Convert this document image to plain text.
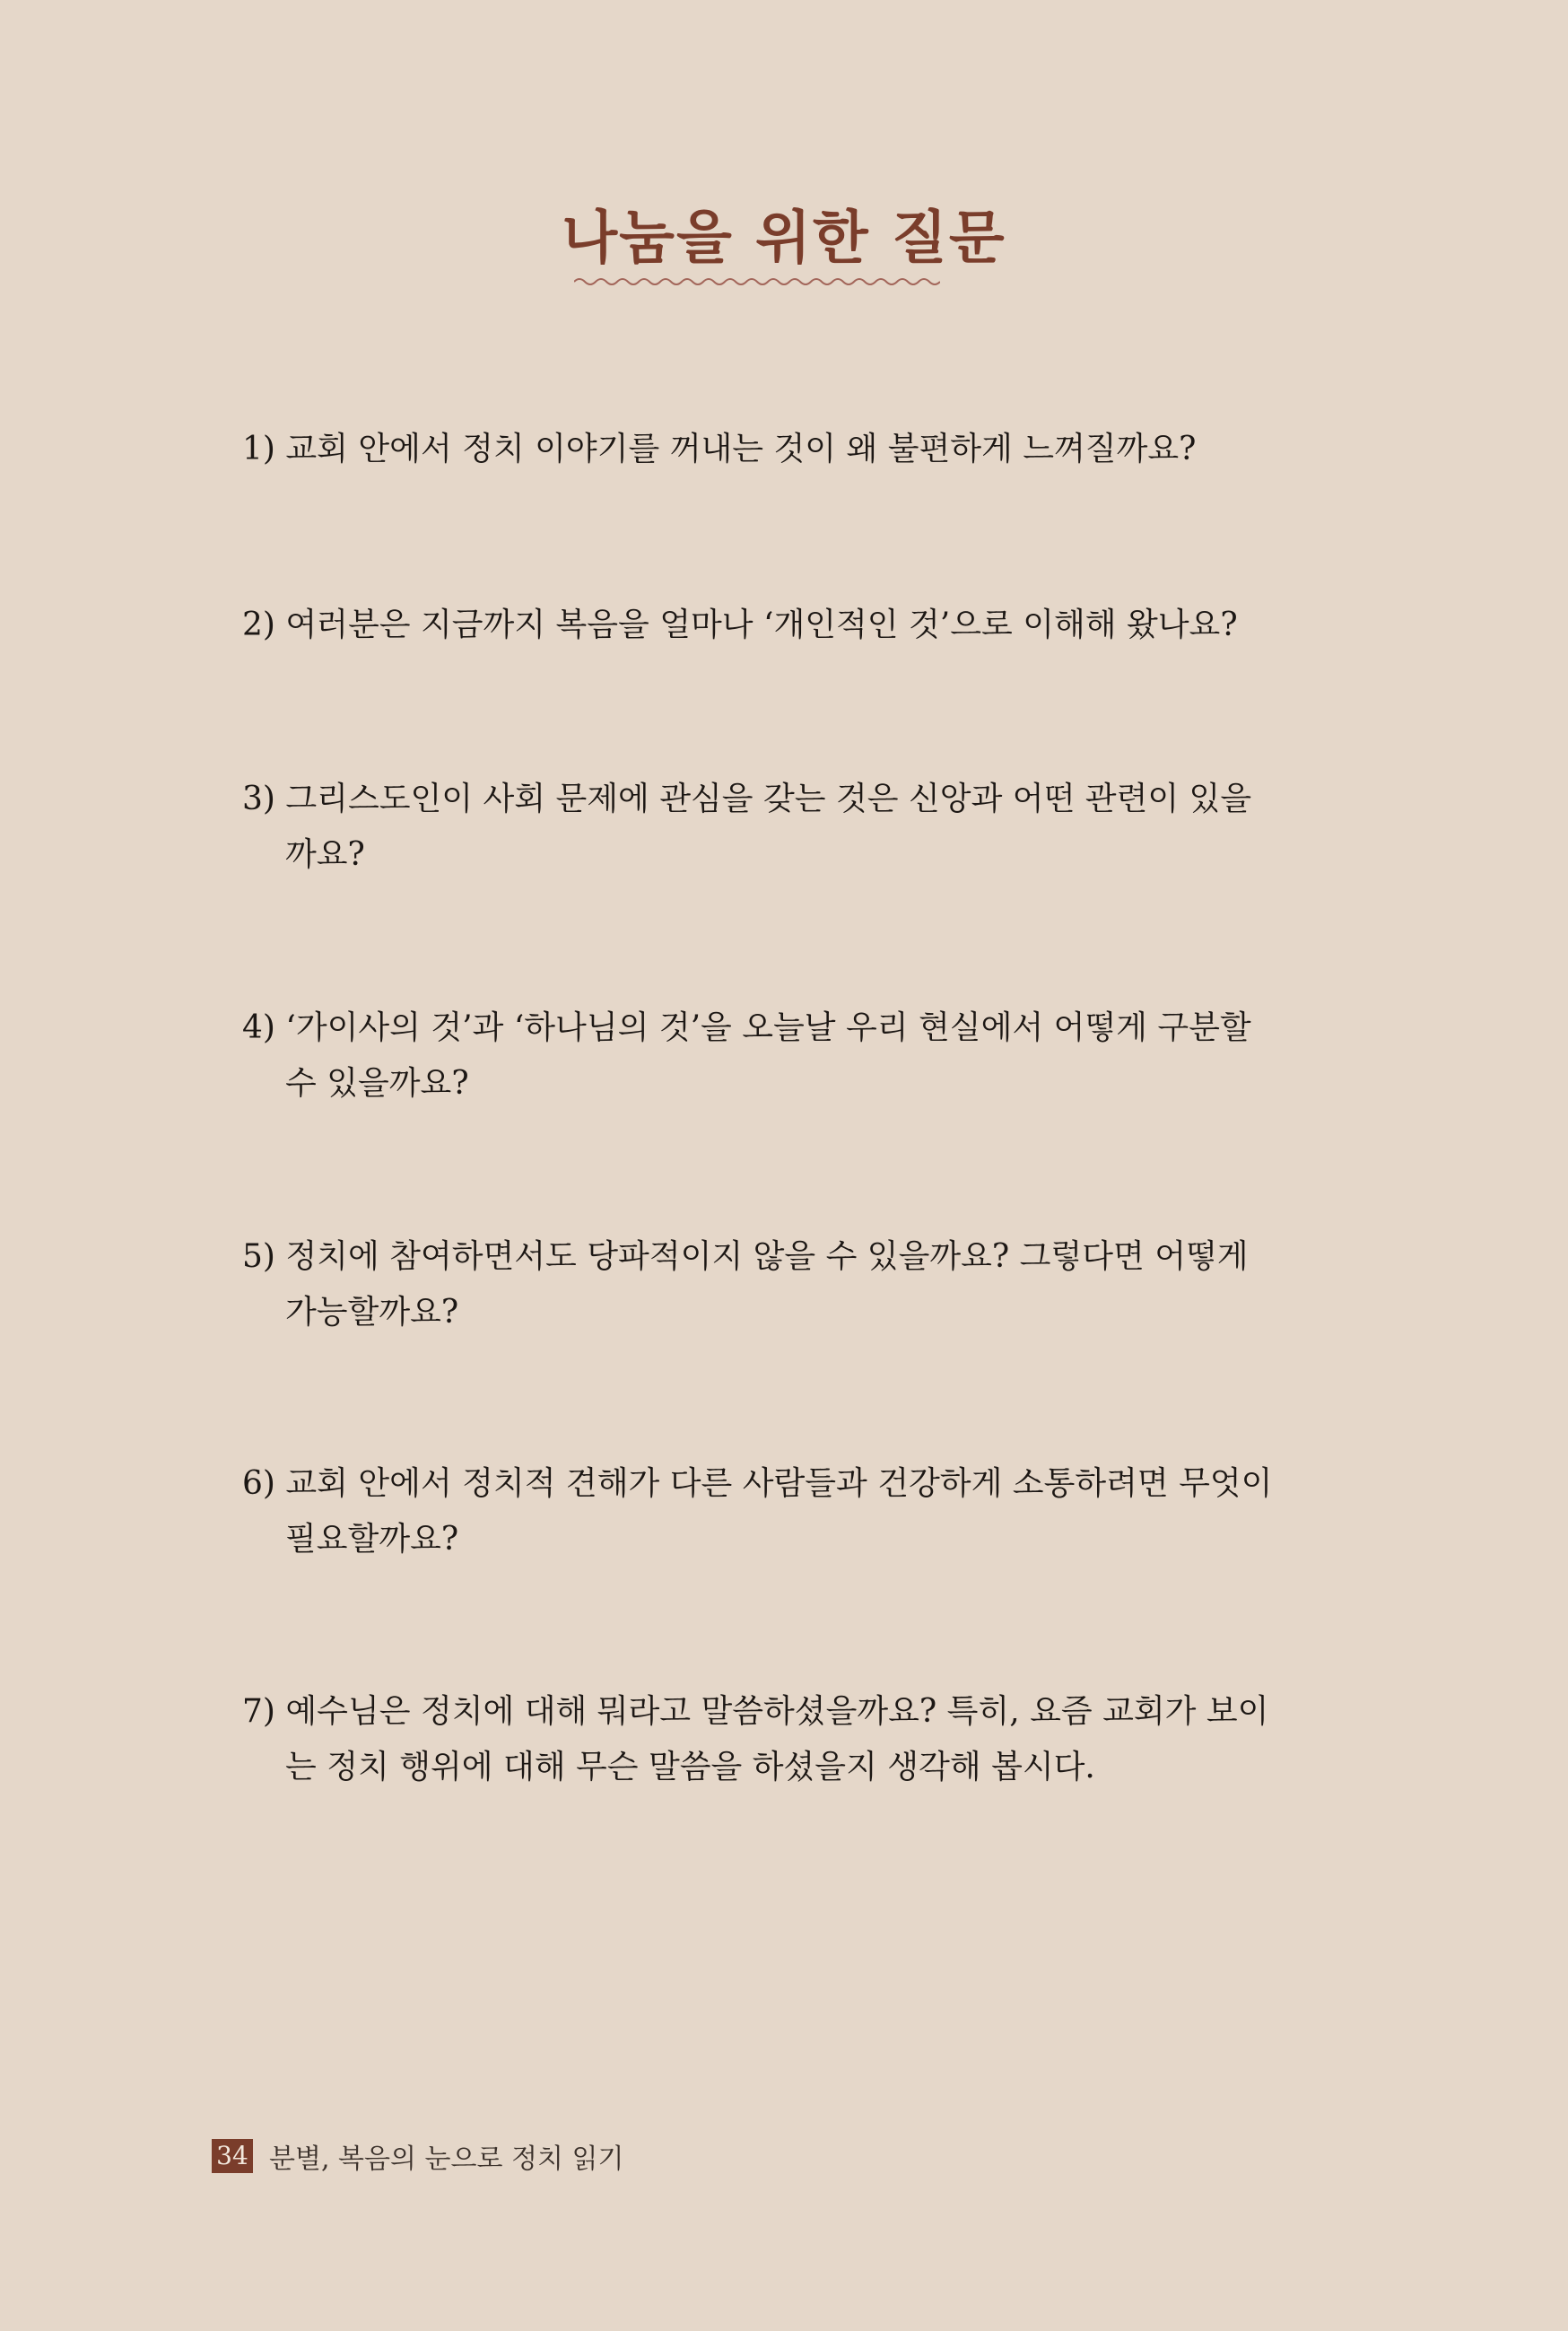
나눔을 위한 질문
1) 교회 안에서 정치 이야기를 꺼내는 것이 왜 불편하게 느껴질까요?
2) 여러분은 지금까지 복음을 얼마나 ‘개인적인 것’으로 이해해 왔나요?
3) 그리스도인이 사회 문제에 관심을 갖는 것은 신앙과 어떤 관련이 있을
까요?
4) ‘가이사의 것’과 ‘하나님의 것’을 오늘날 우리 현실에서 어떻게 구분할
수 있을까요?
5) 정치에 참여하면서도 당파적이지 않을 수 있을까요? 그렇다면 어떻게
가능할까요?
6) 교회 안에서 정치적 견해가 다른 사람들과 건강하게 소통하려면 무엇이
필요할까요?
7) 예수님은 정치에 대해 뭐라고 말씀하셨을까요? 특히, 요즘 교회가 보이
는 정치 행위에 대해 무슨 말씀을 하셨을지 생각해 봅시다.
34 분별, 복음의 눈으로 정치 읽기
